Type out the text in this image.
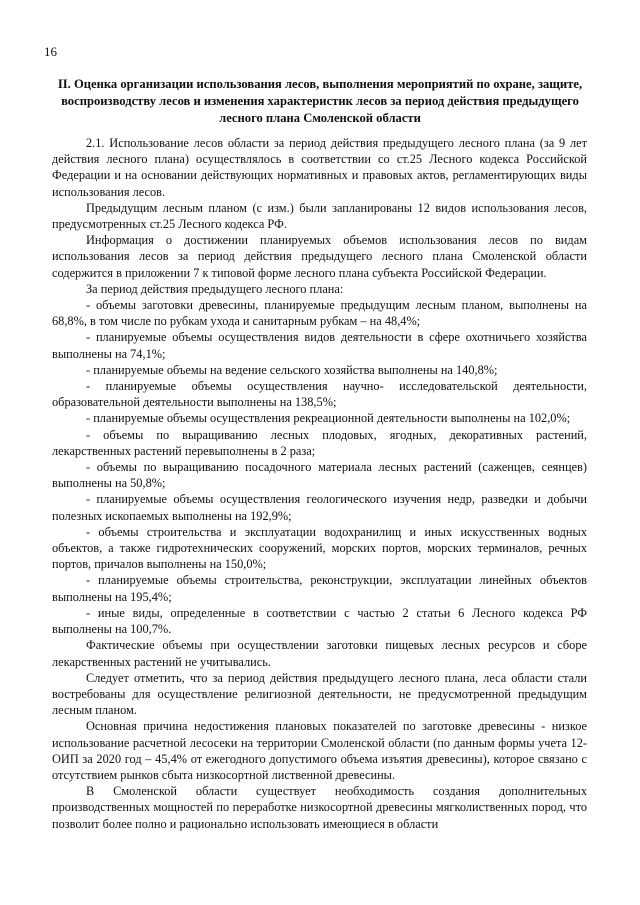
16
II. Оценка организации использования лесов, выполнения мероприятий по охране, защите, воспроизводству лесов и изменения характеристик лесов за период действия предыдущего лесного плана Смоленской области

2.1. Использование лесов области за период действия предыдущего лесного плана (за 9 лет действия лесного плана) осуществлялось в соответствии со ст.25 Лесного кодекса Российской Федерации и на основании действующих нормативных и правовых актов, регламентирующих виды использования лесов.

Предыдущим лесным планом (с изм.) были запланированы 12 видов использования лесов, предусмотренных ст.25 Лесного кодекса РФ.

Информация о достижении планируемых объемов использования лесов по видам использования лесов за период действия предыдущего лесного плана Смоленской области содержится в приложении 7 к типовой форме лесного плана субъекта Российской Федерации.

За период действия предыдущего лесного плана:

- объемы заготовки древесины, планируемые предыдущим лесным планом, выполнены на 68,8%, в том числе по рубкам ухода и санитарным рубкам – на 48,4%;

- планируемые объемы осуществления видов деятельности в сфере охотничьего хозяйства выполнены на 74,1%;

- планируемые объемы на ведение сельского хозяйства выполнены на 140,8%;

- планируемые объемы осуществления научно- исследовательской деятельности, образовательной деятельности выполнены на 138,5%;

- планируемые объемы осуществления рекреационной деятельности выполнены на 102,0%;

- объемы по выращиванию лесных плодовых, ягодных, декоративных растений, лекарственных растений перевыполнены в 2 раза;

- объемы по выращиванию посадочного материала лесных растений (саженцев, сеянцев) выполнены на 50,8%;

- планируемые объемы осуществления геологического изучения недр, разведки и добычи полезных ископаемых выполнены на 192,9%;

- объемы строительства и эксплуатации водохранилищ и иных искусственных водных объектов, а также гидротехнических сооружений, морских портов, морских терминалов, речных портов, причалов выполнены на 150,0%;

- планируемые объемы строительства, реконструкции, эксплуатации линейных объектов выполнены на 195,4%;

- иные виды, определенные в соответствии с частью 2 статьи 6 Лесного кодекса РФ выполнены на 100,7%.

Фактические объемы при осуществлении заготовки пищевых лесных ресурсов и сборе лекарственных растений не учитывались.

Следует отметить, что за период действия предыдущего лесного плана, леса области стали востребованы для осуществление религиозной деятельности, не предусмотренной предыдущим лесным планом.

Основная причина недостижения плановых показателей по заготовке древесины - низкое использование расчетной лесосеки на территории Смоленской области (по данным формы учета 12-ОИП за 2020 год – 45,4% от ежегодного допустимого объема изъятия древесины), которое связано с отсутствием рынков сбыта низкосортной лиственной древесины.

В Смоленской области существует необходимость создания дополнительных производственных мощностей по переработке низкосортной древесины мягколиственных пород, что позволит более полно и рационально использовать имеющиеся в области
